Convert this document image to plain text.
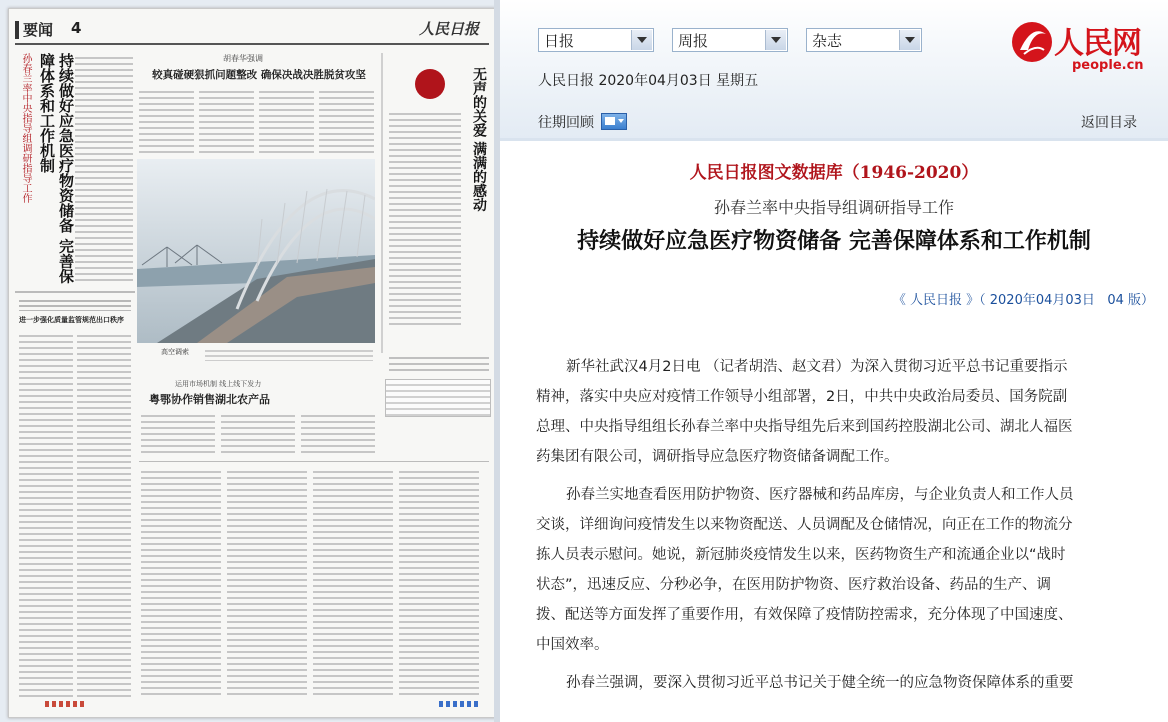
要闻 4	人民日报
孙春兰率中央指导组调研指导工作	持续做好应急医疗物资储备 完善保障体系和工作机制	胡春华强调
较真碰硬狠抓问题整改 确保决战决胜脱贫攻坚
高空调索
无声的关爱 满满的感动
进一步强化质量监管规范出口秩序
运用市场机制 线上线下发力
粤鄂协作销售湖北农产品
日报	周报	杂志
人民日报 2020年04月03日 星期五
往期回顾	返回目录
人民网
people.cn
人民日报图文数据库（1946-2020）
孙春兰率中央指导组调研指导工作
持续做好应急医疗物资储备 完善保障体系和工作机制
《 人民日报 》（ 2020年04月03日   04 版）
新华社武汉4月2日电 （记者胡浩、赵文君）为深入贯彻习近平总书记重要指示
精神，落实中央应对疫情工作领导小组部署，2日，中共中央政治局委员、国务院副
总理、中央指导组组长孙春兰率中央指导组先后来到国药控股湖北公司、湖北人福医
药集团有限公司，调研指导应急医疗物资储备调配工作。
孙春兰实地查看医用防护物资、医疗器械和药品库房，与企业负责人和工作人员
交谈，详细询问疫情发生以来物资配送、人员调配及仓储情况，向正在工作的物流分
拣人员表示慰问。她说，新冠肺炎疫情发生以来，医药物资生产和流通企业以“战时
状态”，迅速反应、分秒必争，在医用防护物资、医疗救治设备、药品的生产、调
拨、配送等方面发挥了重要作用，有效保障了疫情防控需求，充分体现了中国速度、
中国效率。
孙春兰强调，要深入贯彻习近平总书记关于健全统一的应急物资保障体系的重要
